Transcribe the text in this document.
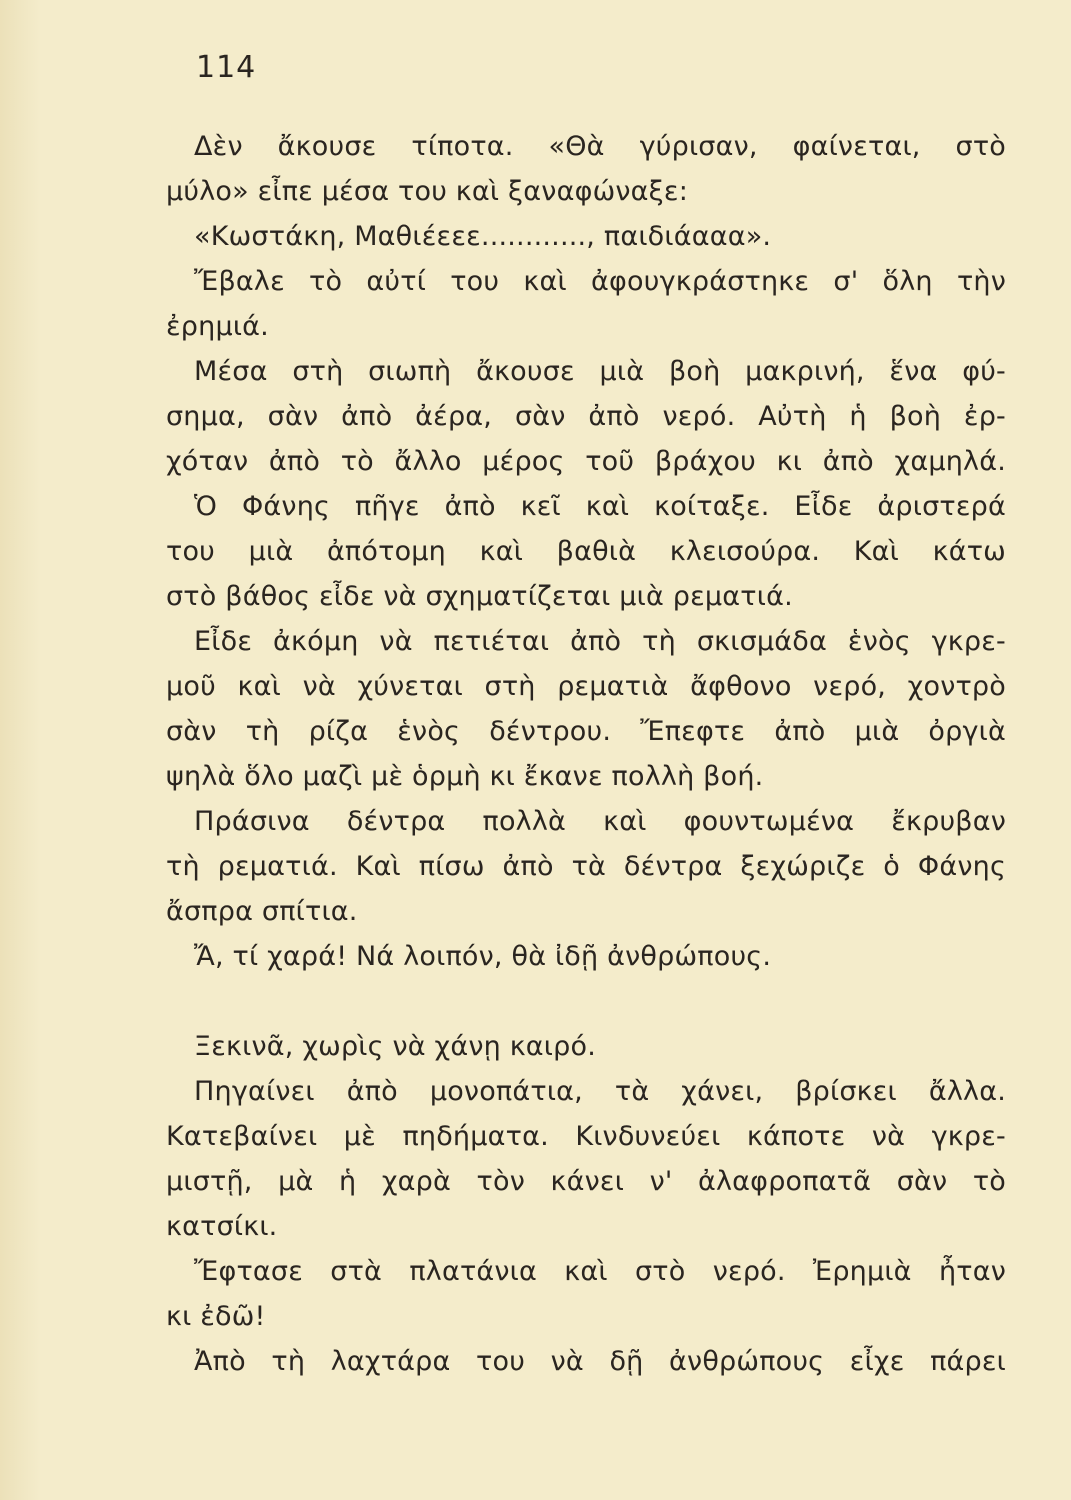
114
Δὲν ἄκουσε τίποτα. «Θὰ γύρισαν, φαίνεται, στὸ
μύλο» εἶπε μέσα του καὶ ξαναφώναξε:
«Κωστάκη, Μαθιέεεε............, παιδιάααα».
Ἔβαλε τὸ αὐτί του καὶ ἀφουγκράστηκε σ' ὅλη τὴν
ἐρημιά.
Μέσα στὴ σιωπὴ ἄκουσε μιὰ βοὴ μακρινή, ἕνα φύ-
σημα, σὰν ἀπὸ ἀέρα, σὰν ἀπὸ νερό. Αὐτὴ ἡ βοὴ ἐρ-
χόταν ἀπὸ τὸ ἄλλο μέρος τοῦ βράχου κι ἀπὸ χαμηλά.
Ὁ Φάνης πῆγε ἀπὸ κεῖ καὶ κοίταξε. Εἶδε ἀριστερά
του μιὰ ἀπότομη καὶ βαθιὰ κλεισούρα. Καὶ κάτω
στὸ βάθος εἶδε νὰ σχηματίζεται μιὰ ρεματιά.
Εἶδε ἀκόμη νὰ πετιέται ἀπὸ τὴ σκισμάδα ἑνὸς γκρε-
μοῦ καὶ νὰ χύνεται στὴ ρεματιὰ ἄφθονο νερό, χοντρὸ
σὰν τὴ ρίζα ἑνὸς δέντρου. Ἔπεφτε ἀπὸ μιὰ ὀργιὰ
ψηλὰ ὅλο μαζὶ μὲ ὁρμὴ κι ἔκανε πολλὴ βοή.
Πράσινα δέντρα πολλὰ καὶ φουντωμένα ἔκρυβαν
τὴ ρεματιά. Καὶ πίσω ἀπὸ τὰ δέντρα ξεχώριζε ὁ Φάνης
ἄσπρα σπίτια.
Ἄ, τί χαρά! Νά λοιπόν, θὰ ἰδῇ ἀνθρώπους.
Ξεκινᾶ, χωρὶς νὰ χάνῃ καιρό.
Πηγαίνει ἀπὸ μονοπάτια, τὰ χάνει, βρίσκει ἄλλα.
Κατεβαίνει μὲ πηδήματα. Κινδυνεύει κάποτε νὰ γκρε-
μιστῇ, μὰ ἡ χαρὰ τὸν κάνει ν' ἀλαφροπατᾶ σὰν τὸ
κατσίκι.
Ἔφτασε στὰ πλατάνια καὶ στὸ νερό. Ἐρημιὰ ἦταν
κι ἐδῶ!
Ἀπὸ τὴ λαχτάρα του νὰ δῇ ἀνθρώπους εἶχε πάρει
